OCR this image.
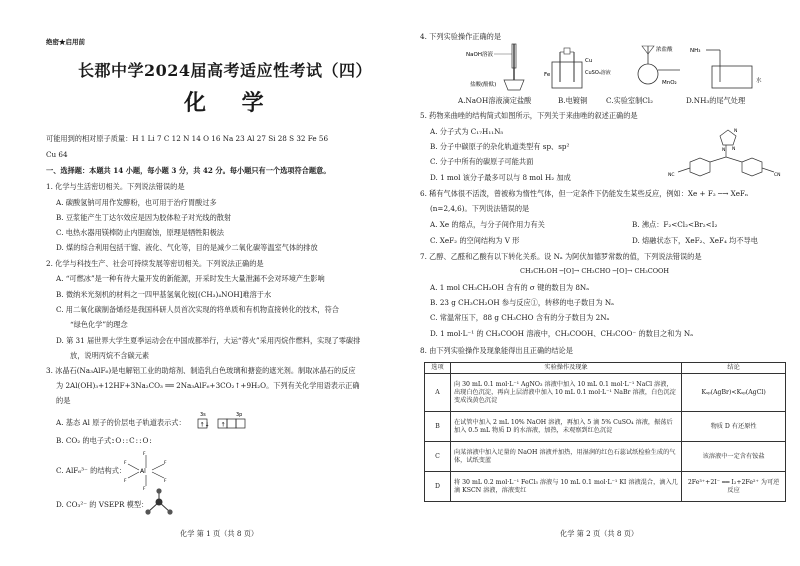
绝密★启用前
长郡中学2024届高考适应性考试（四）
化 学
可能用到的相对原子质量：H 1 Li 7 C 12 N 14 O 16 Na 23 Al 27 Si 28 S 32 Fe 56
Cu 64
一、选择题：本题共 14 小题，每小题 3 分，共 42 分。每小题只有一个选项符合题意。
1. 化学与生活密切相关。下列说法错误的是
A. 碳酸氢钠可用作发酵粉，也可用于治疗胃酸过多
B. 豆浆能产生丁达尔效应是因为胶体粒子对光线的散射
C. 电热水器用镁棒防止内胆腐蚀，原理是牺牲阳极法
D. 煤的综合利用包括干馏、液化、气化等，目的是减少二氧化碳等温室气体的排放
2. 化学与科技生产、社会可持续发展等密切相关。下列说法正确的是
A. “可燃冰”是一种有待大量开发的新能源，开采时发生大量泄漏不会对环境产生影响
B. 微纳米光刻机的材料之一四甲基氢氧化铵[(CH₃)₄NOH]难溶于水
C. 用二氧化碳制备烯烃是我国科研人员首次实现的将单质和有机物直接转化的技术，符合
“绿色化学”的理念
D. 第 31 届世界大学生夏季运动会在中国成都举行，大运“蓉火”采用丙烷作燃料，实现了零碳排
放，说明丙烷不含碳元素
3. 冰晶石(Na₃AlF₆)是电解铝工业的助熔剂、制造乳白色玻璃和搪瓷的遮光剂。制取冰晶石的反应
为 2Al(OH)₃+12HF+3Na₂CO₃ ══ 2Na₃AlF₆+3CO₂↑+9H₂O。下列有关化学用语表示正确
的是
A. 基态 Al 原子的价层电子轨道表示式：
3s	3p
↑↓ ↑
B. CO₂ 的电子式：
:O::C::O:
C. AlF₆³⁻ 的结构式： Al
F
F
F	F
F	F
D. CO₃²⁻ 的 VSEPR 模型：
化学 第 1 页（共 8 页）
4. 下列实验操作正确的是
NaOH溶液
盐酸(酚酞)
Fe
Cu
CuSO₄溶液
浓盐酸
MnO₂
NH₃
水
A.NaOH溶液滴定盐酸	B.电镀铜	C.实验室制Cl₂	D.NH₃的尾气处理
5. 药物来曲唑的结构简式如图所示，下列关于来曲唑的叙述正确的是
A. 分子式为 C₁₇H₁₁N₅
B. 分子中碳原子的杂化轨道类型有 sp、sp²
C. 分子中所有的碳原子可能共面
D. 1 mol 该分子最多可以与 8 mol H₂ 加成
N
N N
NC	CN
6. 稀有气体很不活泼，曾被称为惰性气体，但一定条件下仍能发生某些反应，例如：Xe + F₂ ─→ XeFₙ
(n=2,4,6)。下列说法错误的是
A. Xe 的熔点，与分子间作用力有关	B. 沸点：F₂<Cl₂<Br₂<I₂
C. XeF₂ 的空间结构为 V 形	D. 熔融状态下，XeF₂、XeF₄ 均不导电
7. 乙醇、乙醛和乙酸有以下转化关系。设 Nₐ 为阿伏加德罗常数的值，下列说法错误的是
CH₃CH₂OH ─[O]→ CH₃CHO ─[O]→ CH₃COOH
A. 1 mol CH₃CH₂OH 含有的 σ 键的数目为 8Nₐ
B. 23 g CH₃CH₂OH 参与反应①，转移的电子数目为 Nₐ
C. 常温常压下，88 g CH₃CHO 含有的分子数目为 2Nₐ
D. 1 mol·L⁻¹ 的 CH₃COOH 溶液中，CH₃COOH、CH₃COO⁻ 的数目之和为 Nₐ
8. 由下列实验操作及现象能得出且正确的结论是
选项	实验操作及现象	结论
A	向 30 mL 0.1 mol·L⁻¹ AgNO₃ 溶液中加入 10 mL 0.1 mol·L⁻¹ NaCl 溶液，出现白色沉淀，再向上层清液中加入 10 mL 0.1 mol·L⁻¹ NaBr 溶液，白色沉淀变成浅黄色沉淀	Kₛₚ(AgBr)<Kₛₚ(AgCl)
B	在试管中加入 2 mL 10% NaOH 溶液，再加入 5 滴 5% CuSO₄ 溶液，振荡后加入 0.5 mL 物质 D 的水溶液，加热，未观察到红色沉淀	物质 D 有还原性
C	向某溶液中加入足量的 NaOH 溶液并加热，用湿润的红色石蕊试纸检验生成的气体，试纸变蓝	该溶液中一定含有铵盐
D	将 30 mL 0.2 mol·L⁻¹ FeCl₃ 溶液与 10 mL 0.1 mol·L⁻¹ KI 溶液混合，滴入几滴 KSCN 溶液，溶液变红	2Fe³⁺+2I⁻ ══ I₂+2Fe²⁺ 为可逆反应
化学 第 2 页（共 8 页）
